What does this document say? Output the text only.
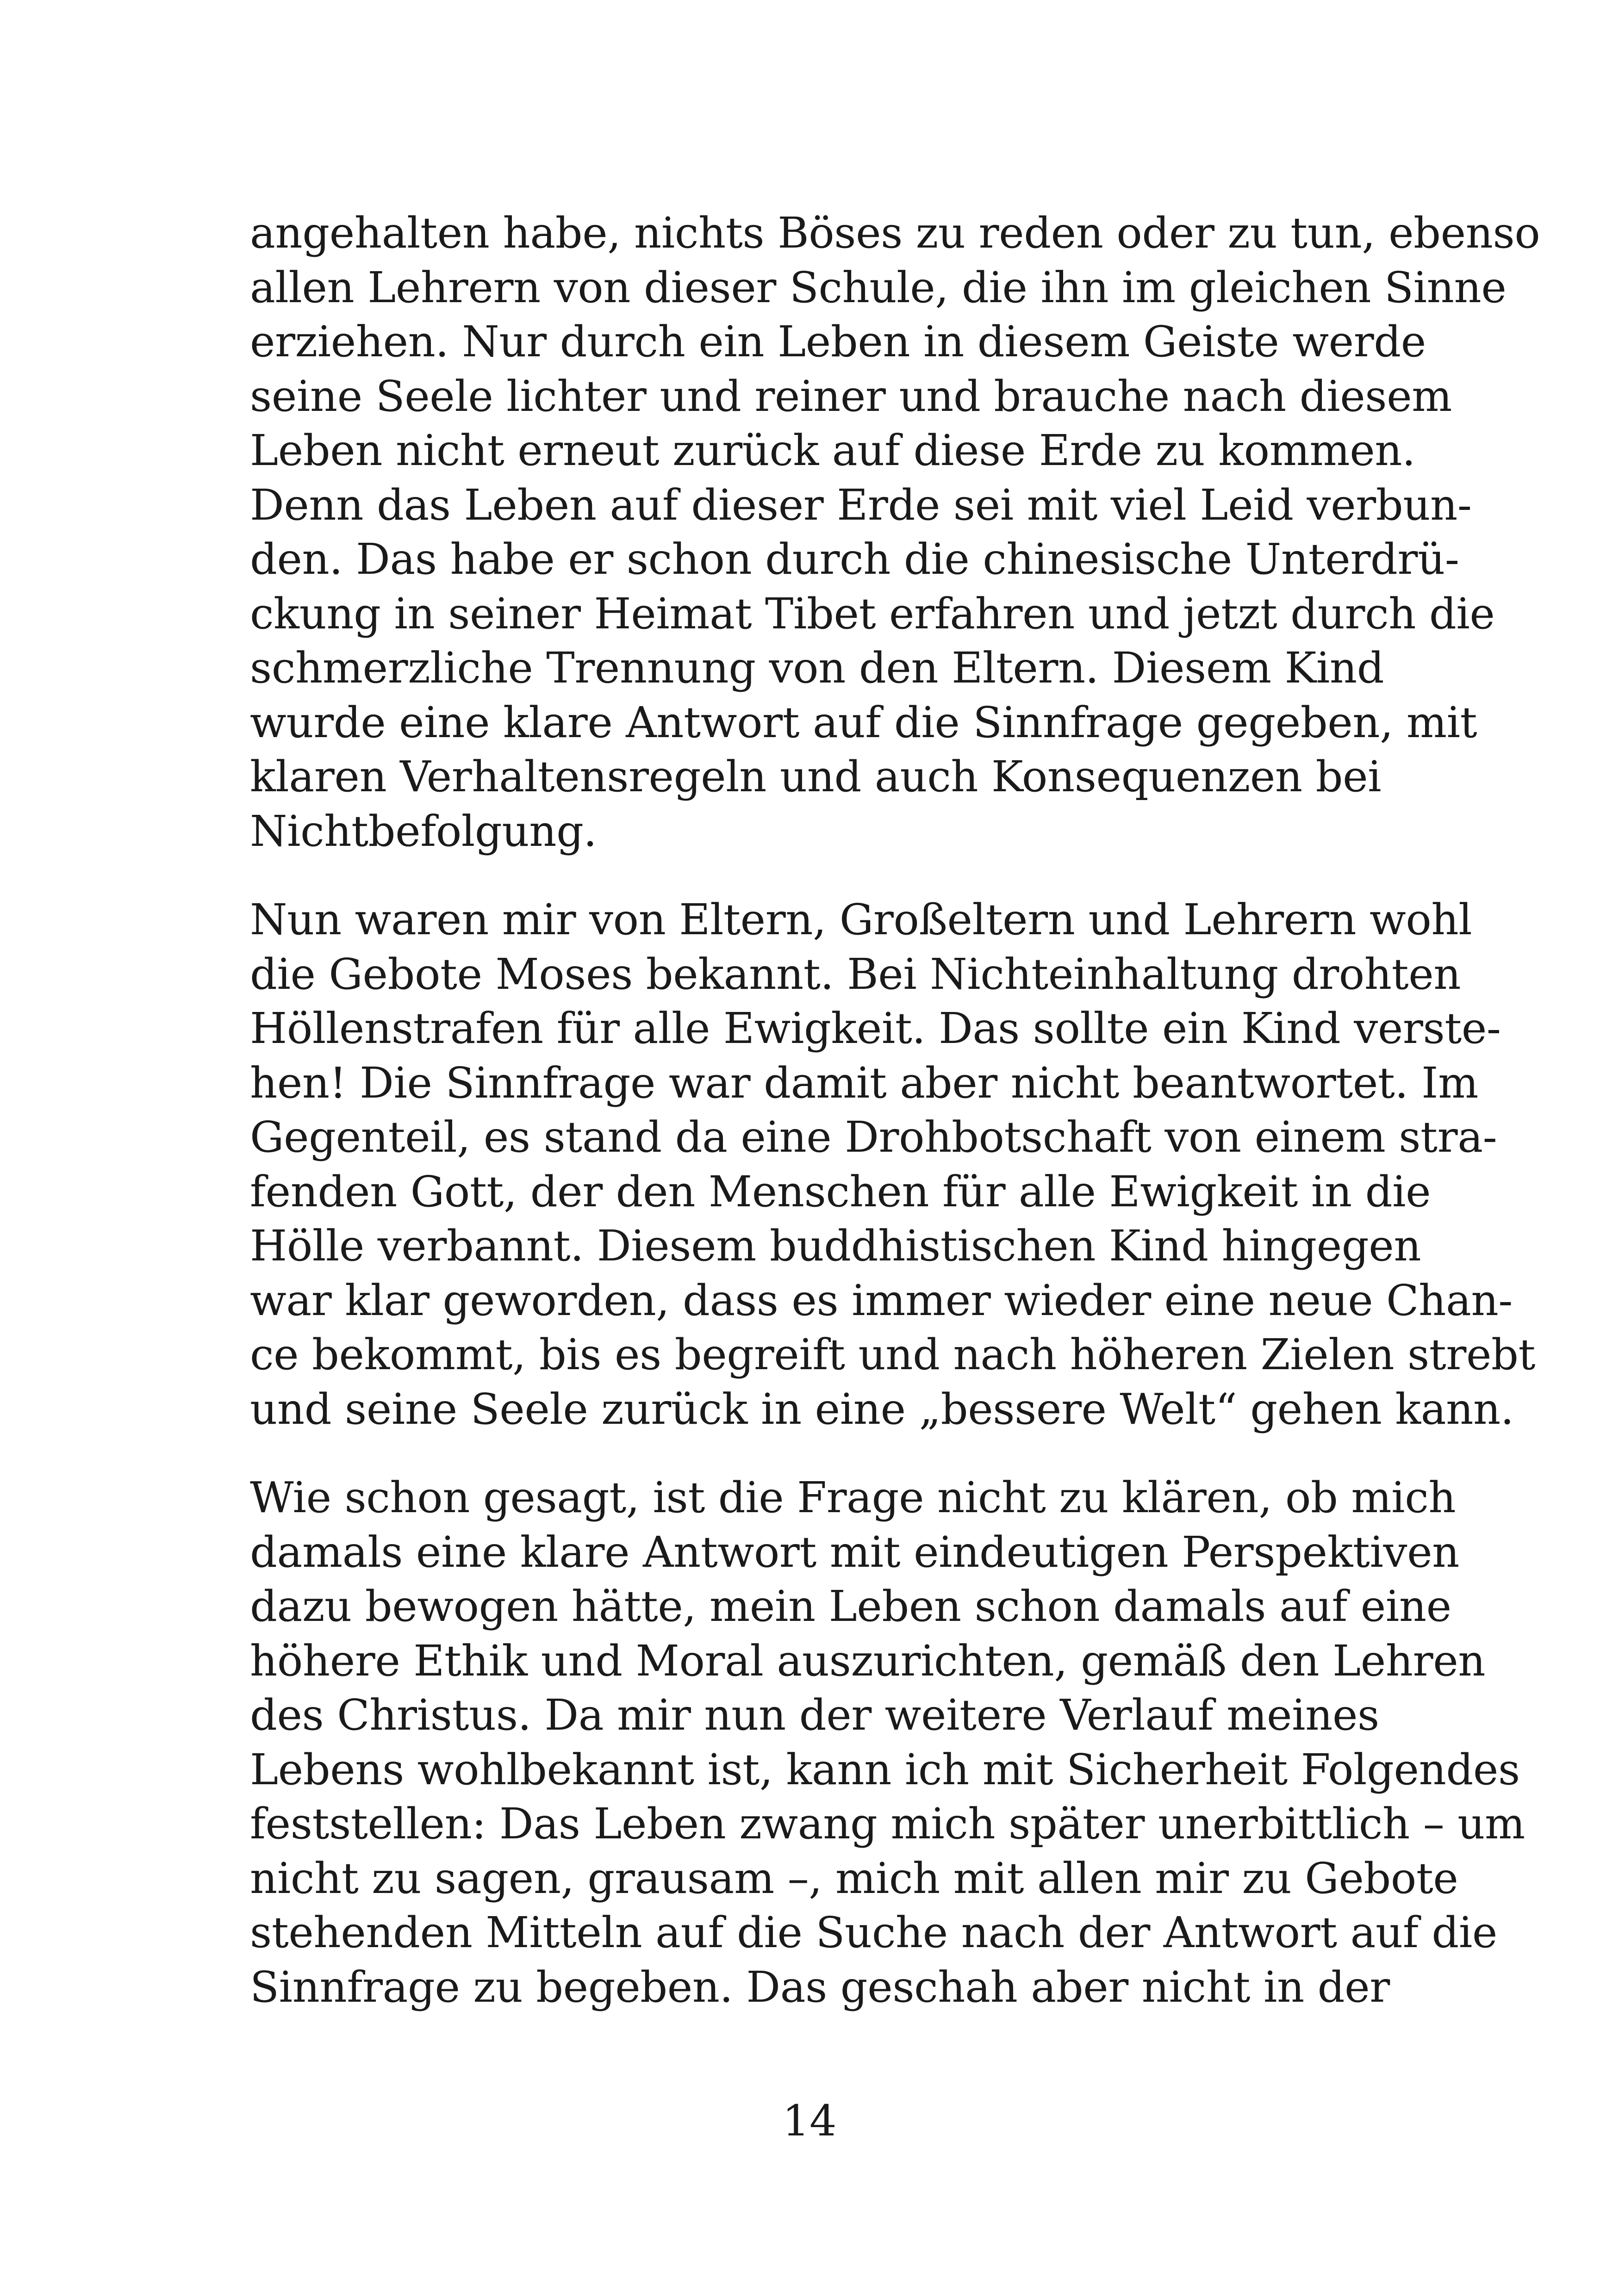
angehalten habe, nichts Böses zu reden oder zu tun, ebenso
allen Lehrern von dieser Schule, die ihn im gleichen Sinne
erziehen. Nur durch ein Leben in diesem Geiste werde
seine Seele lichter und reiner und brauche nach diesem
Leben nicht erneut zurück auf diese Erde zu kommen.
Denn das Leben auf dieser Erde sei mit viel Leid verbun-
den. Das habe er schon durch die chinesische Unterdrü-
ckung in seiner Heimat Tibet erfahren und jetzt durch die
schmerzliche Trennung von den Eltern. Diesem Kind
wurde eine klare Antwort auf die Sinnfrage gegeben, mit
klaren Verhaltensregeln und auch Konsequenzen bei
Nichtbefolgung.
Nun waren mir von Eltern, Großeltern und Lehrern wohl
die Gebote Moses bekannt. Bei Nichteinhaltung drohten
Höllenstrafen für alle Ewigkeit. Das sollte ein Kind verste-
hen! Die Sinnfrage war damit aber nicht beantwortet. Im
Gegenteil, es stand da eine Drohbotschaft von einem stra-
fenden Gott, der den Menschen für alle Ewigkeit in die
Hölle verbannt. Diesem buddhistischen Kind hingegen
war klar geworden, dass es immer wieder eine neue Chan-
ce bekommt, bis es begreift und nach höheren Zielen strebt
und seine Seele zurück in eine „bessere Welt“ gehen kann.
Wie schon gesagt, ist die Frage nicht zu klären, ob mich
damals eine klare Antwort mit eindeutigen Perspektiven
dazu bewogen hätte, mein Leben schon damals auf eine
höhere Ethik und Moral auszurichten, gemäß den Lehren
des Christus. Da mir nun der weitere Verlauf meines
Lebens wohlbekannt ist, kann ich mit Sicherheit Folgendes
feststellen: Das Leben zwang mich später unerbittlich – um
nicht zu sagen, grausam –, mich mit allen mir zu Gebote
stehenden Mitteln auf die Suche nach der Antwort auf die
Sinnfrage zu begeben. Das geschah aber nicht in der
14
